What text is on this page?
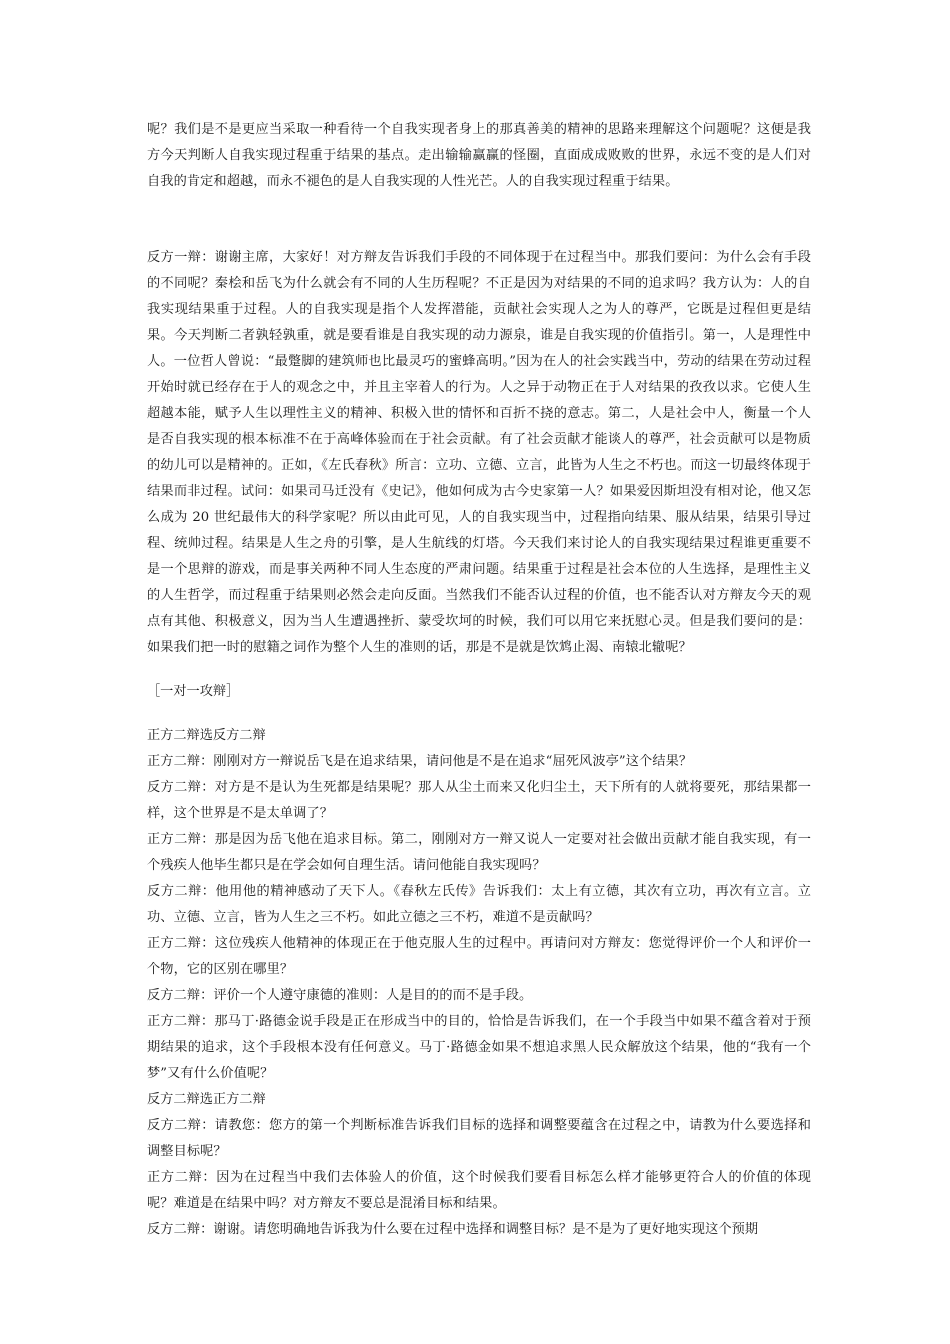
呢？我们是不是更应当采取一种看待一个自我实现者身上的那真善美的精神的思路来理解这个问题呢？这便是我方今天判断人自我实现过程重于结果的基点。走出输输赢赢的怪圈，直面成成败败的世界，永远不变的是人们对自我的肯定和超越，而永不褪色的是人自我实现的人性光芒。人的自我实现过程重于结果。

反方一辩：谢谢主席，大家好！对方辩友告诉我们手段的不同体现于在过程当中。那我们要问：为什么会有手段的不同呢？秦桧和岳飞为什么就会有不同的人生历程呢？不正是因为对结果的不同的追求吗？我方认为：人的自我实现结果重于过程。人的自我实现是指个人发挥潜能，贡献社会实现人之为人的尊严，它既是过程但更是结果。今天判断二者孰轻孰重，就是要看谁是自我实现的动力源泉，谁是自我实现的价值指引。第一，人是理性中人。一位哲人曾说：“最蹩脚的建筑师也比最灵巧的蜜蜂高明。”因为在人的社会实践当中，劳动的结果在劳动过程开始时就已经存在于人的观念之中，并且主宰着人的行为。人之异于动物正在于人对结果的孜孜以求。它使人生超越本能，赋予人生以理性主义的精神、积极入世的情怀和百折不挠的意志。第二，人是社会中人，衡量一个人是否自我实现的根本标准不在于高峰体验而在于社会贡献。有了社会贡献才能谈人的尊严，社会贡献可以是物质的幼儿可以是精神的。正如，《左氏春秋》所言：立功、立德、立言，此皆为人生之不朽也。而这一切最终体现于结果而非过程。试问：如果司马迁没有《史记》，他如何成为古今史家第一人？如果爱因斯坦没有相对论，他又怎么成为 20 世纪最伟大的科学家呢？所以由此可见，人的自我实现当中，过程指向结果、服从结果，结果引导过程、统帅过程。结果是人生之舟的引擎，是人生航线的灯塔。今天我们来讨论人的自我实现结果过程谁更重要不是一个思辩的游戏，而是事关两种不同人生态度的严肃问题。结果重于过程是社会本位的人生选择，是理性主义的人生哲学，而过程重于结果则必然会走向反面。当然我们不能否认过程的价值，也不能否认对方辩友今天的观点有其他、积极意义，因为当人生遭遇挫折、蒙受坎坷的时候，我们可以用它来抚慰心灵。但是我们要问的是：如果我们把一时的慰籍之词作为整个人生的准则的话，那是不是就是饮鸩止渴、南辕北辙呢？

［一对一攻辩］

正方二辩选反方二辩

正方二辩：刚刚对方一辩说岳飞是在追求结果，请问他是不是在追求“屈死风波亭”这个结果？

反方二辩：对方是不是认为生死都是结果呢？那人从尘土而来又化归尘土，天下所有的人就将要死，那结果都一样，这个世界是不是太单调了？

正方二辩：那是因为岳飞他在追求目标。第二，刚刚对方一辩又说人一定要对社会做出贡献才能自我实现，有一个残疾人他毕生都只是在学会如何自理生活。请问他能自我实现吗？

反方二辩：他用他的精神感动了天下人。《春秋左氏传》告诉我们：太上有立德，其次有立功，再次有立言。立功、立德、立言，皆为人生之三不朽。如此立德之三不朽，难道不是贡献吗？

正方二辩：这位残疾人他精神的体现正在于他克服人生的过程中。再请问对方辩友：您觉得评价一个人和评价一个物，它的区别在哪里？

反方二辩：评价一个人遵守康德的准则：人是目的的而不是手段。

正方二辩：那马丁·路德金说手段是正在形成当中的目的，恰恰是告诉我们，在一个手段当中如果不蕴含着对于预期结果的追求，这个手段根本没有任何意义。马丁·路德金如果不想追求黑人民众解放这个结果，他的“我有一个梦”又有什么价值呢？

反方二辩选正方二辩

反方二辩：请教您：您方的第一个判断标准告诉我们目标的选择和调整要蕴含在过程之中，请教为什么要选择和调整目标呢？

正方二辩：因为在过程当中我们去体验人的价值，这个时候我们要看目标怎么样才能够更符合人的价值的体现呢？难道是在结果中吗？对方辩友不要总是混淆目标和结果。

反方二辩：谢谢。请您明确地告诉我为什么要在过程中选择和调整目标？是不是为了更好地实现这个预期
